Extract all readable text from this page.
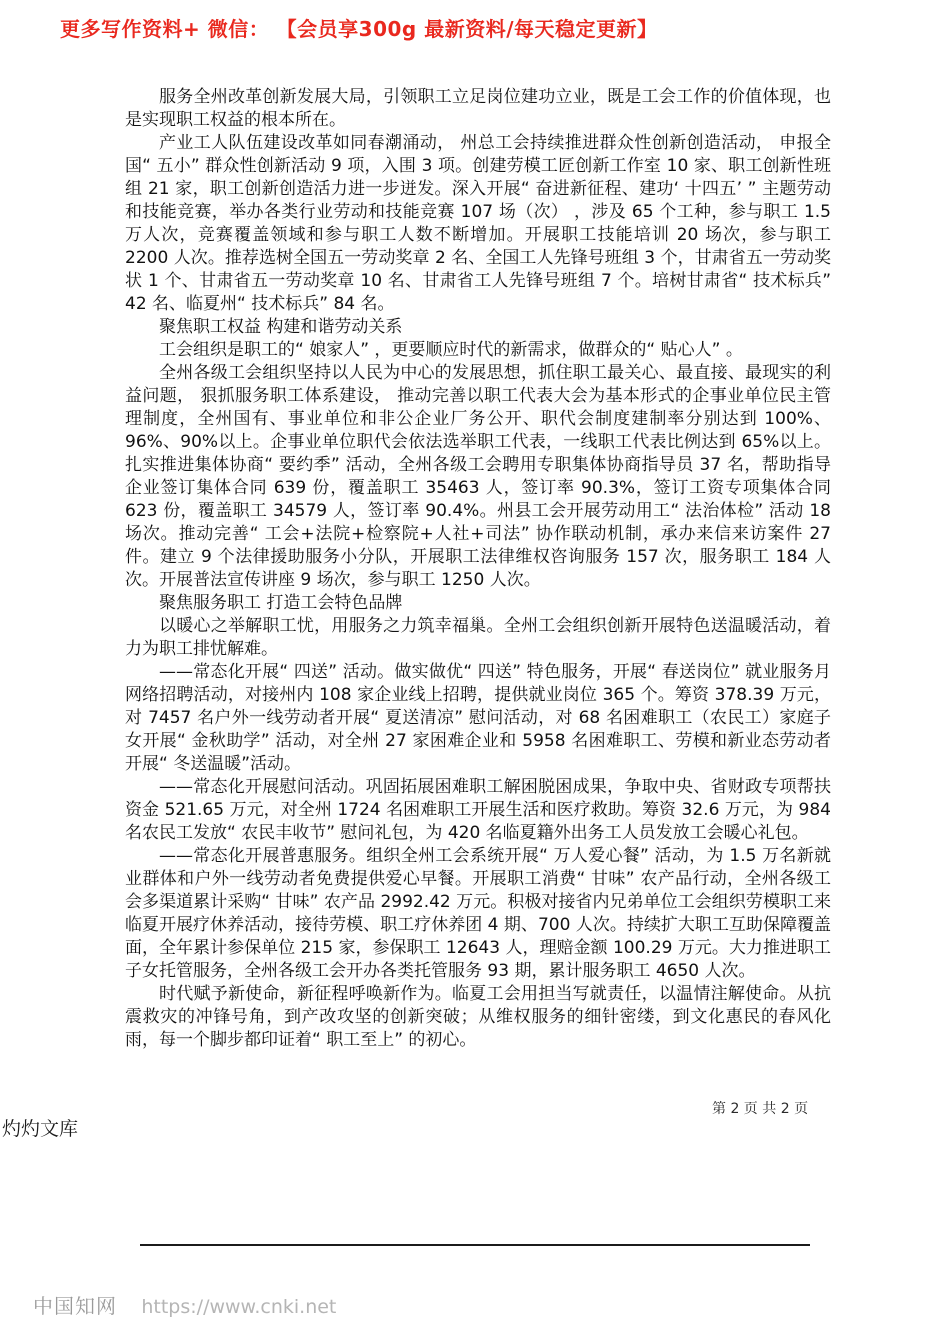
更多写作资料+ 微信： 【会员享300g 最新资料/每天稳定更新】

服务全州改革创新发展大局，引领职工立足岗位建功立业，既是工会工作的价值体现，也是实现职工权益的根本所在。

产业工人队伍建设改革如同春潮涌动， 州总工会持续推进群众性创新创造活动， 申报全国“ 五小” 群众性创新活动 9 项，入围 3 项。创建劳模工匠创新工作室 10 家、职工创新性班组 21 家，职工创新创造活力进一步迸发。深入开展“ 奋进新征程、建功‘ 十四五’ ” 主题劳动和技能竞赛，举办各类行业劳动和技能竞赛 107 场（次） ，涉及 65 个工种，参与职工 1.5 万人次，竞赛覆盖领域和参与职工人数不断增加。开展职工技能培训 20 场次，参与职工 2200 人次。推荐选树全国五一劳动奖章 2 名、全国工人先锋号班组 3 个，甘肃省五一劳动奖状 1 个、甘肃省五一劳动奖章 10 名、甘肃省工人先锋号班组 7 个。培树甘肃省“ 技术标兵” 42 名、临夏州“ 技术标兵” 84 名。

聚焦职工权益 构建和谐劳动关系

工会组织是职工的“ 娘家人” ，更要顺应时代的新需求，做群众的“ 贴心人” 。

全州各级工会组织坚持以人民为中心的发展思想，抓住职工最关心、最直接、最现实的利益问题， 狠抓服务职工体系建设， 推动完善以职工代表大会为基本形式的企事业单位民主管理制度，全州国有、事业单位和非公企业厂务公开、职代会制度建制率分别达到 100%、96%、90%以上。企事业单位职代会依法选举职工代表，一线职工代表比例达到 65%以上。扎实推进集体协商“ 要约季” 活动，全州各级工会聘用专职集体协商指导员 37 名，帮助指导企业签订集体合同 639 份，覆盖职工 35463 人，签订率 90.3%，签订工资专项集体合同 623 份，覆盖职工 34579 人，签订率 90.4%。州县工会开展劳动用工“ 法治体检” 活动 18 场次。推动完善“ 工会+法院+检察院+人社+司法” 协作联动机制，承办来信来访案件 27 件。建立 9 个法律援助服务小分队，开展职工法律维权咨询服务 157 次，服务职工 184 人次。开展普法宣传讲座 9 场次，参与职工 1250 人次。

聚焦服务职工 打造工会特色品牌

以暖心之举解职工忧，用服务之力筑幸福巢。全州工会组织创新开展特色送温暖活动，着力为职工排忧解难。

——常态化开展“ 四送” 活动。做实做优“ 四送” 特色服务，开展“ 春送岗位” 就业服务月网络招聘活动，对接州内 108 家企业线上招聘，提供就业岗位 365 个。筹资 378.39 万元，对 7457 名户外一线劳动者开展“ 夏送清凉” 慰问活动，对 68 名困难职工（农民工）家庭子女开展“ 金秋助学” 活动，对全州 27 家困难企业和 5958 名困难职工、劳模和新业态劳动者开展“ 冬送温暖”活动。

——常态化开展慰问活动。巩固拓展困难职工解困脱困成果，争取中央、省财政专项帮扶资金 521.65 万元，对全州 1724 名困难职工开展生活和医疗救助。筹资 32.6 万元，为 984 名农民工发放“ 农民丰收节” 慰问礼包，为 420 名临夏籍外出务工人员发放工会暖心礼包。

——常态化开展普惠服务。组织全州工会系统开展“ 万人爱心餐” 活动，为 1.5 万名新就业群体和户外一线劳动者免费提供爱心早餐。开展职工消费“ 甘味” 农产品行动，全州各级工会多渠道累计采购“ 甘味” 农产品 2992.42 万元。积极对接省内兄弟单位工会组织劳模职工来临夏开展疗休养活动，接待劳模、职工疗休养团 4 期、700 人次。持续扩大职工互助保障覆盖面，全年累计参保单位 215 家，参保职工 12643 人，理赔金额 100.29 万元。大力推进职工子女托管服务，全州各级工会开办各类托管服务 93 期，累计服务职工 4650 人次。

时代赋予新使命，新征程呼唤新作为。临夏工会用担当写就责任，以温情注解使命。从抗震救灾的冲锋号角，到产改攻坚的创新突破；从维权服务的细针密缕，到文化惠民的春风化雨，每一个脚步都印证着“ 职工至上” 的初心。

第 2 页 共 2 页
灼灼文库
中国知网 https://www.cnki.net
